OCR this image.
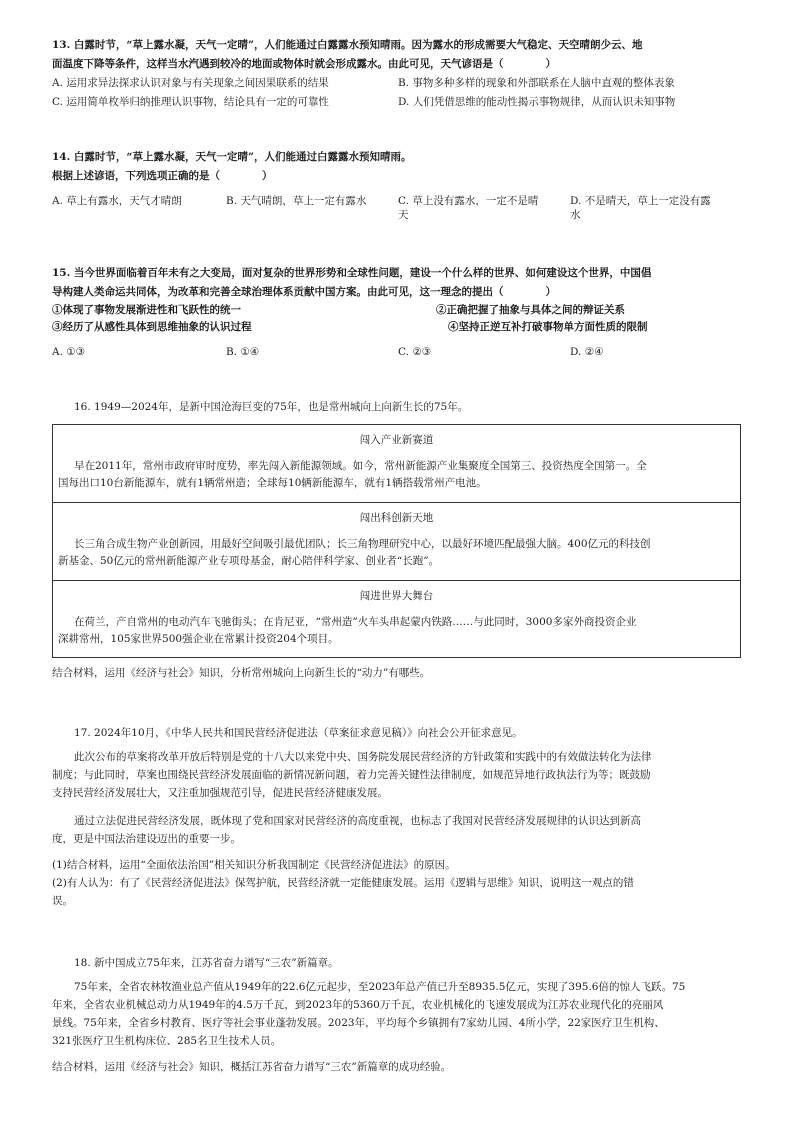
13. 白露时节，“草上露水凝，天气一定晴”，人们能通过白露露水预知晴雨。因为露水的形成需要大气稳定、天空晴朗少云、地
面温度下降等条件，这样当水汽遇到较冷的地面或物体时就会形成露水。由此可见，天气谚语是（　　　　）
A. 运用求异法探求认识对象与有关现象之间因果联系的结果	B. 事物多种多样的现象和外部联系在人脑中直观的整体表象
C. 运用简单枚举归纳推理认识事物，结论具有一定的可靠性	D. 人们凭借思维的能动性揭示事物规律，从而认识未知事物
14. 白露时节，“草上露水凝，天气一定晴”，人们能通过白露露水预知晴雨。
根据上述谚语，下列选项正确的是（　　　　）
A. 草上有露水，天气才晴朗	B. 天气晴朗，草上一定有露水	C. 草上没有露水，一定不是晴
天
D. 不是晴天，草上一定没有露
水
15. 当今世界面临着百年未有之大变局，面对复杂的世界形势和全球性问题，建设一个什么样的世界、如何建设这个世界，中国倡
导构建人类命运共同体，为改革和完善全球治理体系贡献中国方案。由此可见，这一理念的提出（　　　　）
①体现了事物发展渐进性和飞跃性的统一	②正确把握了抽象与具体之间的辩证关系
③经历了从感性具体到思维抽象的认识过程	④坚持正逆互补打破事物单方面性质的限制
A. ①③	B. ①④	C. ②③	D. ②④
16. 1949—2024年，是新中国沧海巨变的75年，也是常州城向上向新生长的75年。
闯入产业新赛道
早在2011年，常州市政府审时度势，率先闯入新能源领域。如今，常州新能源产业集聚度全国第三、投资热度全国第一。全
国每出口10台新能源车，就有1辆常州造；全球每10辆新能源车，就有1辆搭载常州产电池。
闯出科创新天地
长三角合成生物产业创新园，用最好空间吸引最优团队；长三角物理研究中心，以最好环境匹配最强大脑。400亿元的科技创
新基金、50亿元的常州新能源产业专项母基金，耐心陪伴科学家、创业者“长跑”。
闯进世界大舞台
在荷兰，产自常州的电动汽车飞驰街头；在肯尼亚，“常州造”火车头串起蒙内铁路……与此同时，3000多家外商投资企业
深耕常州，105家世界500强企业在常累计投资204个项目。
结合材料，运用《经济与社会》知识，分析常州城向上向新生长的“动力”有哪些。
17. 2024年10月，《中华人民共和国民营经济促进法（草案征求意见稿）》向社会公开征求意见。
此次公布的草案将改革开放后特别是党的十八大以来党中央、国务院发展民营经济的方针政策和实践中的有效做法转化为法律
制度；与此同时，草案也围绕民营经济发展面临的新情况新问题，着力完善关键性法律制度，如规范异地行政执法行为等；既鼓励
支持民营经济发展壮大，又注重加强规范引导，促进民营经济健康发展。
通过立法促进民营经济发展，既体现了党和国家对民营经济的高度重视，也标志了我国对民营经济发展规律的认识达到新高
度，更是中国法治建设迈出的重要一步。
(1)结合材料，运用“全面依法治国”相关知识分析我国制定《民营经济促进法》的原因。
(2)有人认为：有了《民营经济促进法》保驾护航，民营经济就一定能健康发展。运用《逻辑与思维》知识，说明这一观点的错
误。
18. 新中国成立75年来，江苏省奋力谱写“三农”新篇章。
75年来，全省农林牧渔业总产值从1949年的22.6亿元起步，至2023年总产值已升至8935.5亿元，实现了395.6倍的惊人飞跃。75
年来，全省农业机械总动力从1949年的4.5万千瓦，到2023年的5360万千瓦，农业机械化的飞速发展成为江苏农业现代化的亮丽风
景线。75年来，全省乡村教育、医疗等社会事业蓬勃发展。2023年，平均每个乡镇拥有7家幼儿园、4所小学，22家医疗卫生机构、
321张医疗卫生机构床位、285名卫生技术人员。
结合材料，运用《经济与社会》知识，概括江苏省奋力谱写“三农”新篇章的成功经验。
